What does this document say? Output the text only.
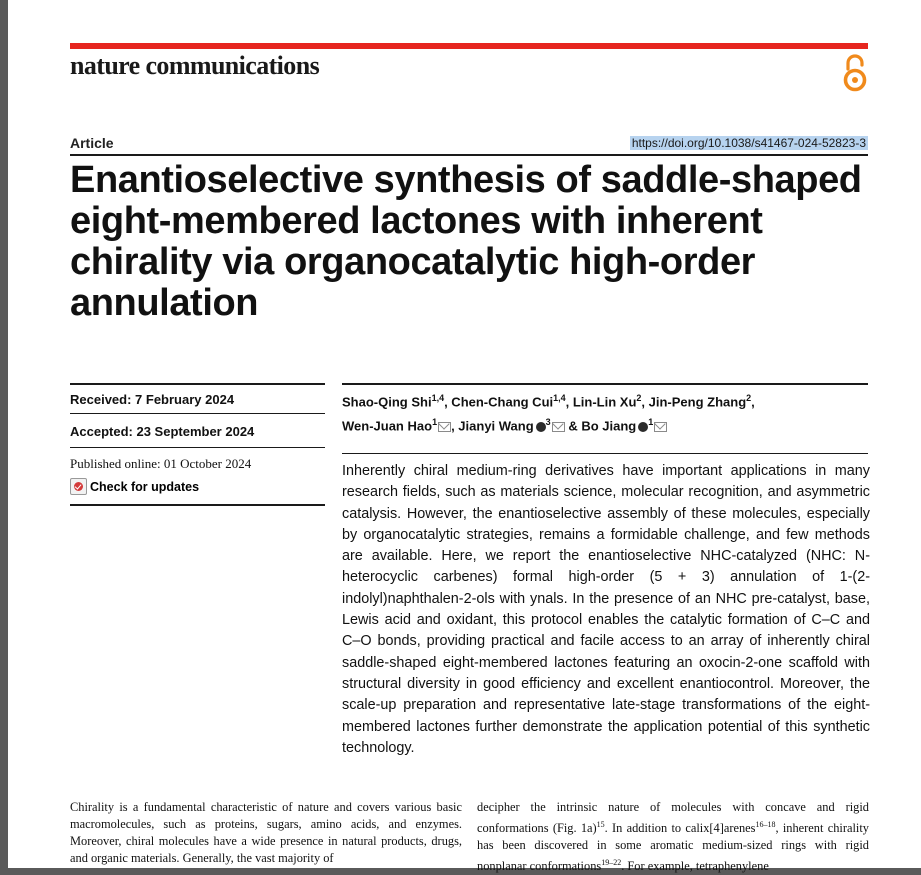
nature communications
Article	https://doi.org/10.1038/s41467-024-52823-3
Enantioselective synthesis of saddle-shaped eight-membered lactones with inherent chirality via organocatalytic high-order annulation
Received: 7 February 2024
Accepted: 23 September 2024
Published online: 01 October 2024
Check for updates
Shao-Qing Shi$^{1,4}$, Chen-Chang Cui$^{1,4}$, Lin-Lin Xu$^2$, Jin-Peng Zhang$^2$,
Wen-Juan Hao$^1$ , Jianyi Wang $^3$ & Bo Jiang $^1$

Inherently chiral medium-ring derivatives have important applications in many research fields, such as materials science, molecular recognition, and asymmetric catalysis. However, the enantioselective assembly of these molecules, especially by organocatalytic strategies, remains a formidable challenge, and few methods are available. Here, we report the enantioselective NHC-catalyzed (NHC: N-heterocyclic carbenes) formal high-order (5 + 3) annulation of 1-(2-indolyl)naphthalen-2-ols with ynals. In the presence of an NHC pre-catalyst, base, Lewis acid and oxidant, this protocol enables the catalytic formation of C–C and C–O bonds, providing practical and facile access to an array of inherently chiral saddle-shaped eight-membered lactones featuring an oxocin-2-one scaffold with structural diversity in good efficiency and excellent enantiocontrol. Moreover, the scale-up preparation and representative late-stage transformations of the eight-membered lactones further demonstrate the application potential of this synthetic technology.

Chirality is a fundamental characteristic of nature and covers various basic macromolecules, such as proteins, sugars, amino acids, and enzymes. Moreover, chiral molecules have a wide presence in natural products, drugs, and organic materials. Generally, the vast majority of

decipher the intrinsic nature of molecules with concave and rigid conformations (Fig. 1a)$^{15}$. In addition to calix[4]arenes$^{16-18}$, inherent chirality has been discovered in some aromatic medium-sized rings with rigid nonplanar conformations$^{19-22}$. For example, tetraphenylene
